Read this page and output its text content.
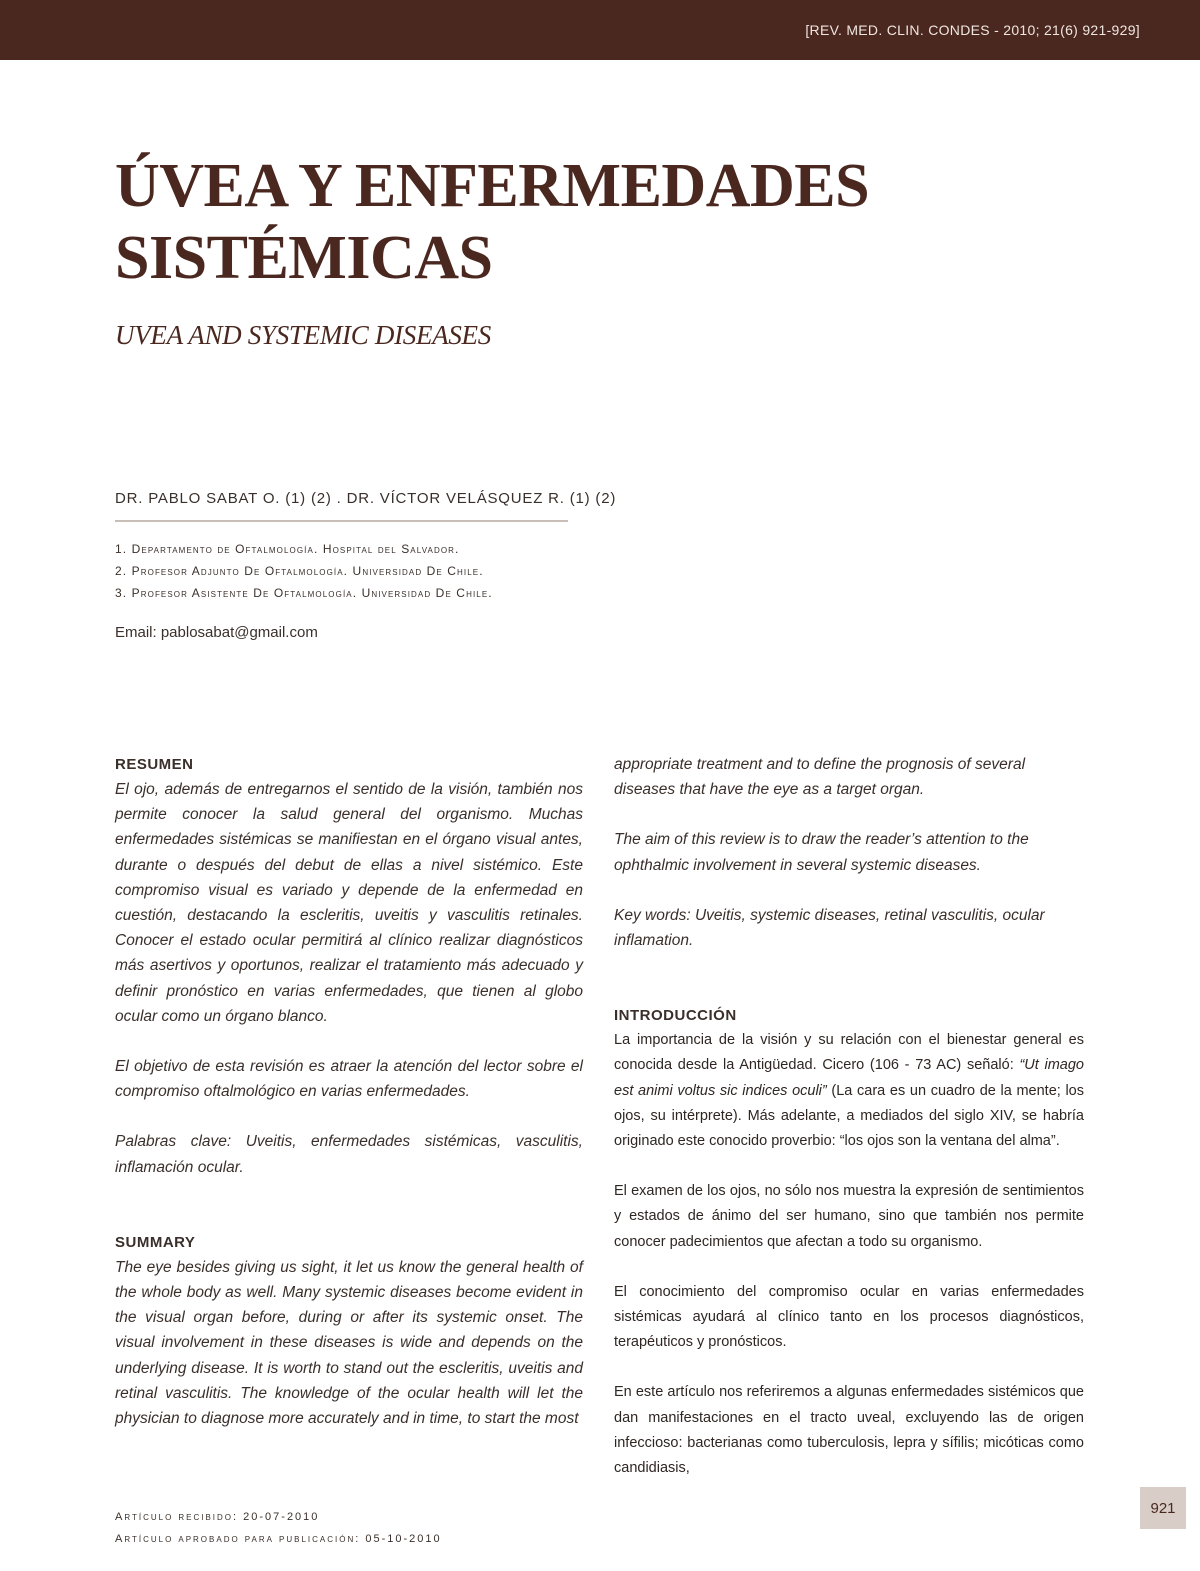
[REV. MED. CLIN. CONDES - 2010; 21(6) 921-929]
ÚVEA Y ENFERMEDADES
SISTÉMICAS
UVEA AND SYSTEMIC DISEASES
DR. PABLO SABAT O. (1) (2) . DR. VÍCTOR VELÁSQUEZ R. (1) (2)
1. Departamento de Oftalmología. Hospital del Salvador.
2. Profesor Adjunto De Oftalmología. Universidad De Chile.
3. Profesor Asistente De Oftalmología. Universidad De Chile.
Email: pablosabat@gmail.com

RESUMEN

El ojo, además de entregarnos el sentido de la visión, también nos permite conocer la salud general del organismo. Muchas enfermedades sistémicas se manifiestan en el órgano visual antes, durante o después del debut de ellas a nivel sistémico. Este compromiso visual es variado y depende de la enfermedad en cuestión, destacando la escleritis, uveitis y vasculitis retinales. Conocer el estado ocular permitirá al clínico realizar diagnósticos más asertivos y oportunos, realizar el tratamiento más adecuado y definir pronóstico en varias enfermedades, que tienen al globo ocular como un órgano blanco.

El objetivo de esta revisión es atraer la atención del lector sobre el compromiso oftalmológico en varias enfermedades.

Palabras clave: Uveitis, enfermedades sistémicas, vasculitis, inflamación ocular.

SUMMARY

The eye besides giving us sight, it let us know the general health of the whole body as well. Many systemic diseases become evident in the visual organ before, during or after its systemic onset. The visual involvement in these diseases is wide and depends on the underlying disease. It is worth to stand out the escleritis, uveitis and retinal vasculitis. The knowledge of the ocular health will let the physician to diagnose more accurately and in time, to start the most

appropriate treatment and to define the prognosis of several diseases that have the eye as a target organ.

The aim of this review is to draw the reader’s attention to the ophthalmic involvement in several systemic diseases.

Key words: Uveitis, systemic diseases, retinal vasculitis, ocular inflamation.

INTRODUCCIÓN

La importancia de la visión y su relación con el bienestar general es conocida desde la Antigüedad. Cicero (106 - 73 AC) señaló: “Ut imago est animi voltus sic indices oculi” (La cara es un cuadro de la mente; los ojos, su intérprete). Más adelante, a mediados del siglo XIV, se habría originado este conocido proverbio: “los ojos son la ventana del alma”.

El examen de los ojos, no sólo nos muestra la expresión de sentimientos y estados de ánimo del ser humano, sino que también nos permite conocer padecimientos que afectan a todo su organismo.

El conocimiento del compromiso ocular en varias enfermedades sistémicas ayudará al clínico tanto en los procesos diagnósticos, terapéuticos y pronósticos.

En este artículo nos referiremos a algunas enfermedades sistémicos que dan manifestaciones en el tracto uveal, excluyendo las de origen infeccioso: bacterianas como tuberculosis, lepra y sífilis; micóticas como candidiasis,

Artículo recibido: 20-07-2010
Artículo aprobado para publicación: 05-10-2010
921
